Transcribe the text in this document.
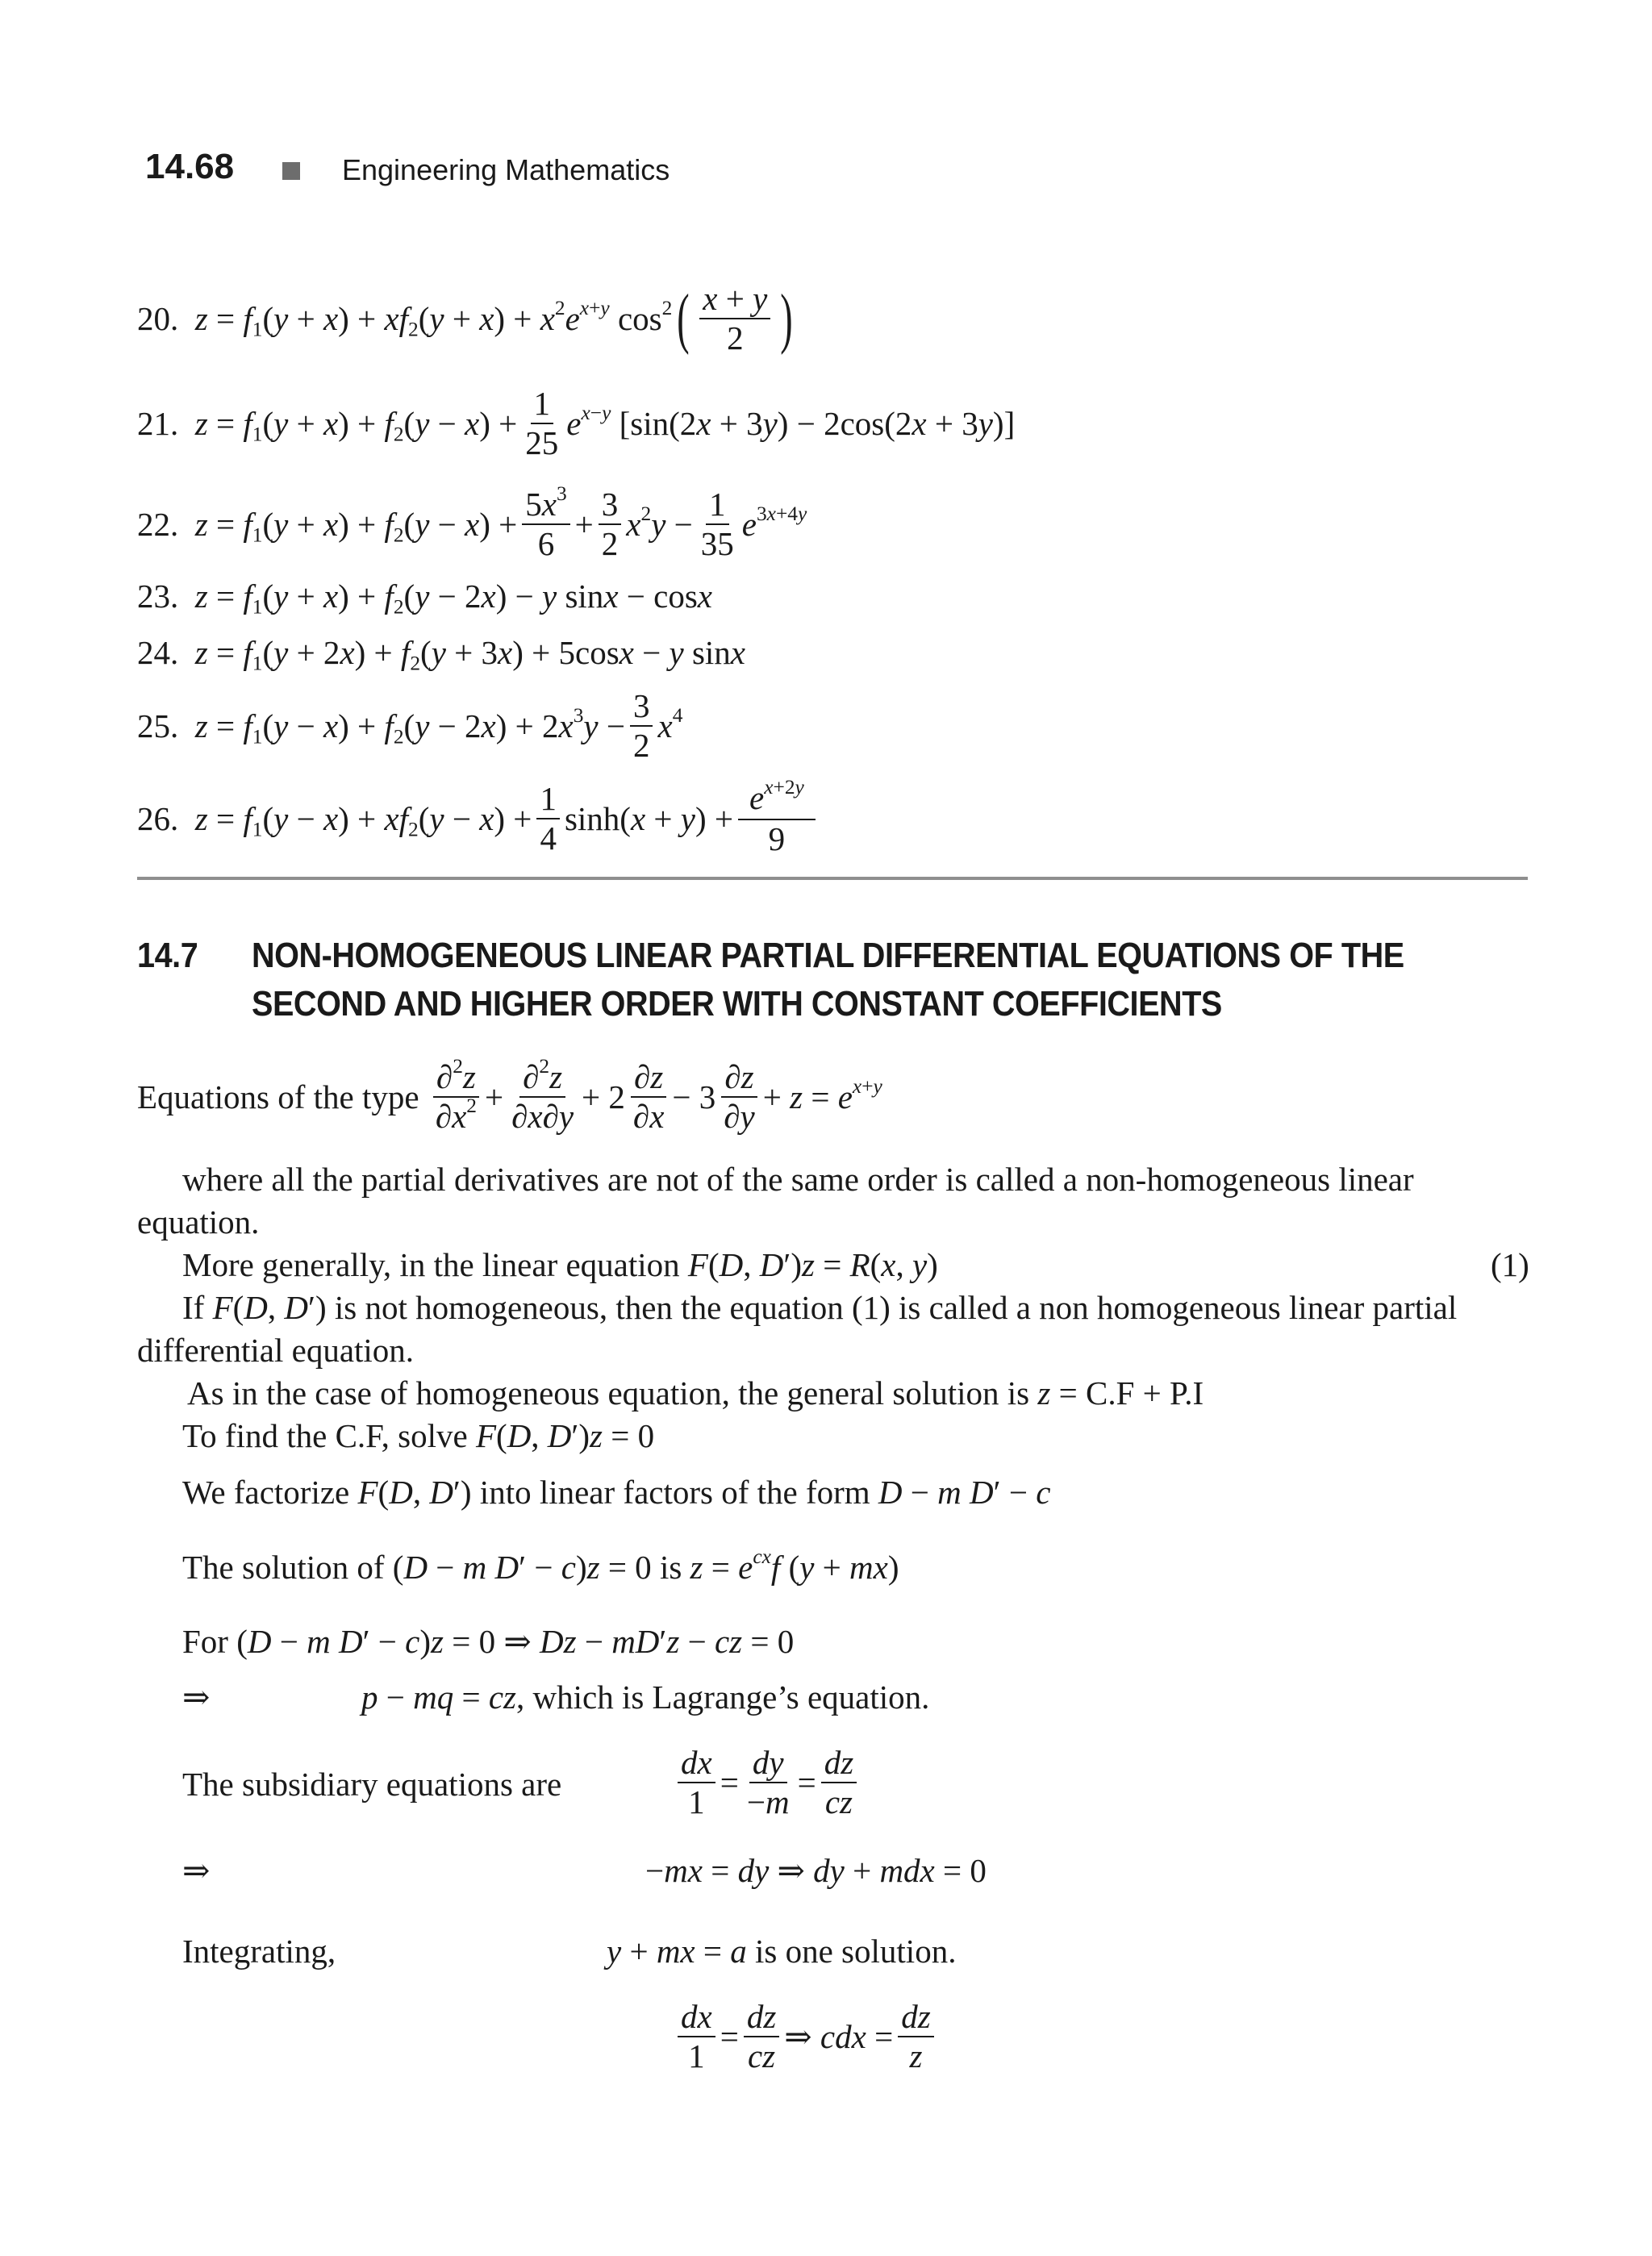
14.68	Engineering Mathematics
20.
$z = f_1(y + x) + xf_2(y + x) + x^2e^{x+y}$ $\cos^2$ ( $\frac{x + y}{2}$ )
21.
$z = f_1(y + x) + f_2(y - x) + \frac{1}{25} e^{x-y}$ [sin(2x + 3y) − 2cos(2x + 3y)]
22.
$z = f_1(y + x) + f_2(y - x) + \frac{5x^3}{6} + \frac{3}{2} x^2y - \frac{1}{35} e^{3x+4y}$
23.
$z = f_1(y + x) + f_2(y - 2x) - y$ sinx − cosx
24.
$z = f_1(y + 2x) + f_2(y + 3x) + 5\cos x - y$ sinx
25.
$z = f_1(y - x) + f_2(y - 2x) + 2x^3y - \frac{3}{2} x^4$
26.
$z = f_1(y - x) + xf_2(y - x) + \frac{1}{4} \sinh(x + y) + \frac{e^{x+2y}}{9}$
14.7 NON-HOMOGENEOUS LINEAR PARTIAL DIFFERENTIAL EQUATIONS OF THE
SECOND AND HIGHER ORDER WITH CONSTANT COEFFICIENTS
Equations of the type
$\frac{\partial^2z}{\partial x^2} + \frac{\partial^2z}{\partial x\partial y} + 2 \frac{\partial z}{\partial x} - 3 \frac{\partial z}{\partial y} + z = e^{x+y}$
where all the partial derivatives are not of the same order is called a non-homogeneous linear
equation.
More generally, in the linear equation F(D, D′)z = R(x, y)	(1)
If F(D, D′) is not homogeneous, then the equation (1) is called a non homogeneous linear partial
differential equation.
As in the case of homogeneous equation, the general solution is z = C.F + P.I
To find the C.F, solve F(D, D′)z = 0
We factorize F(D, D′) into linear factors of the form D − m D′ − c
The solution of (D − m D′ − c)z = 0 is $z = e^{cx}f$ (y + mx)
For (D − m D′ − c)z = 0 ⇒ Dz − mD′z − cz = 0
⇒	p − mq = cz, which is Lagrange’s equation.
The subsidiary equations are	$\frac{dx}{1} = \frac{dy}{-m} = \frac{dz}{cz}$
⇒	−mx = dy ⇒ dy + mdx = 0
Integrating,	y + mx = a is one solution.
$\frac{dx}{1} = \frac{dz}{cz}$ ⇒ cdx = $\frac{dz}{z}$
